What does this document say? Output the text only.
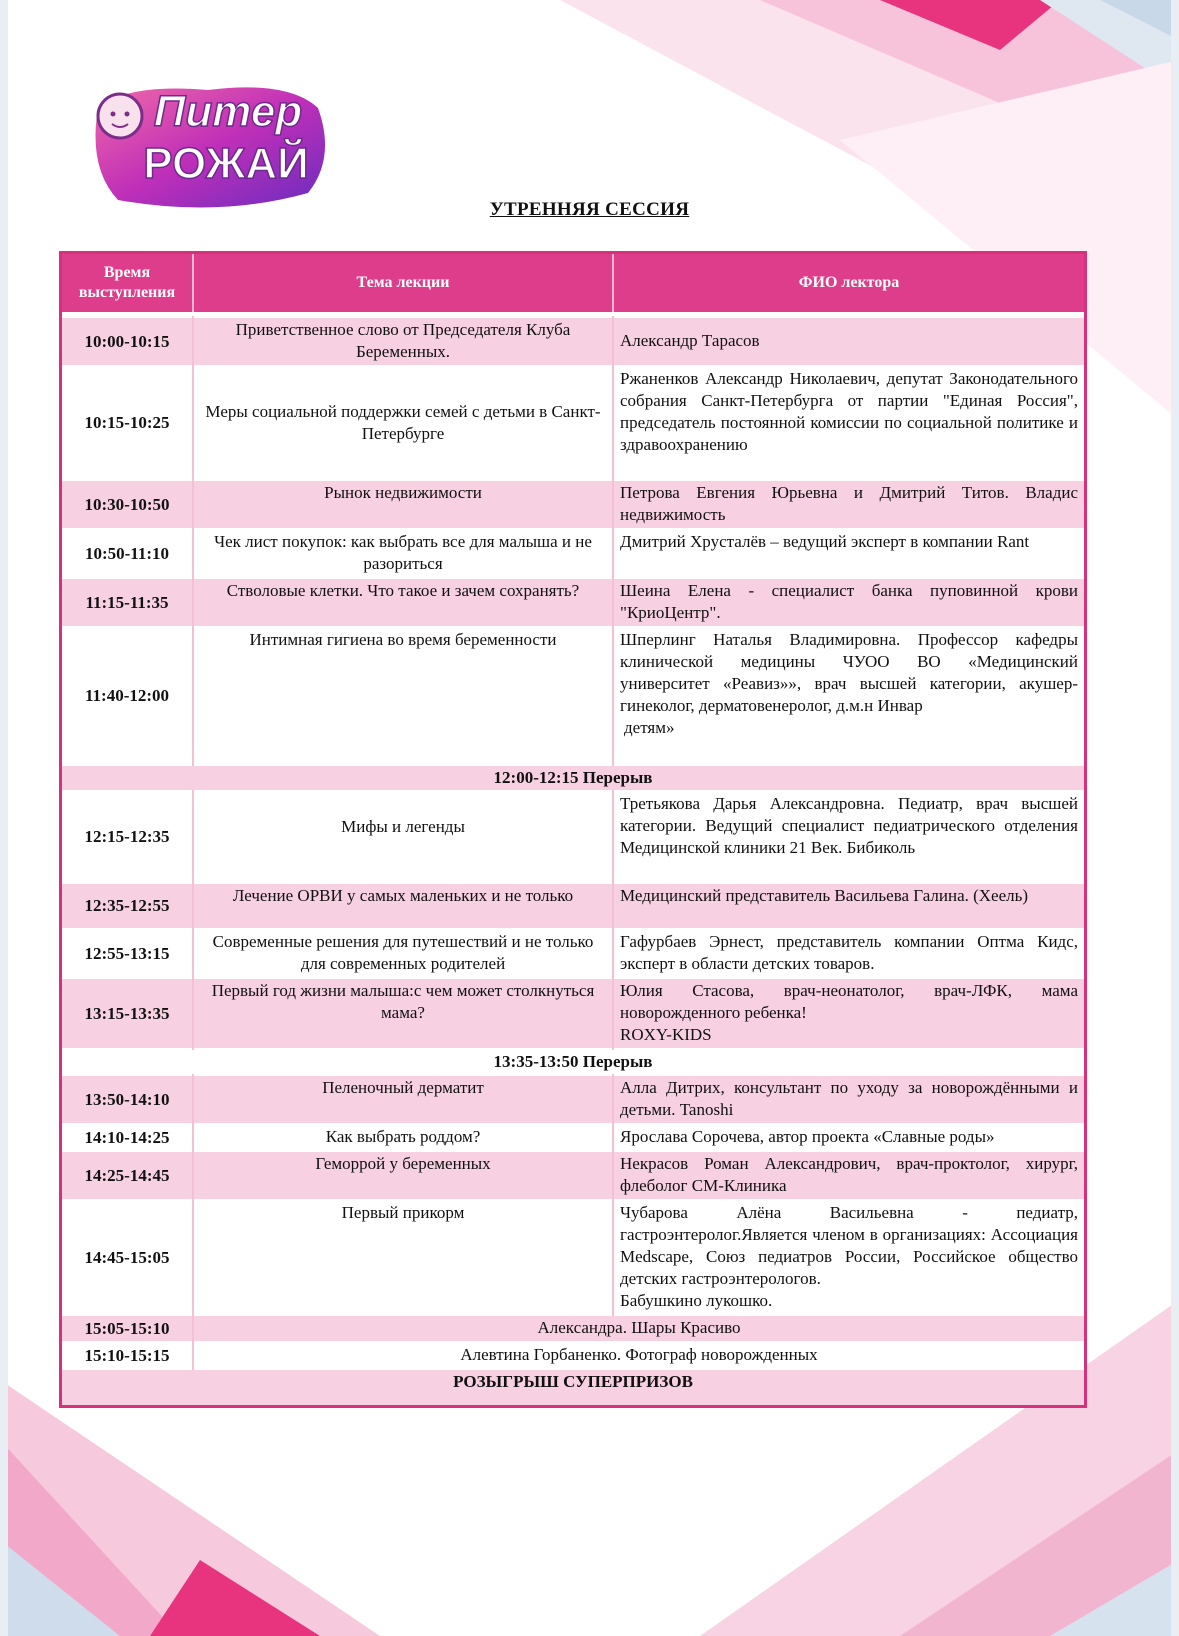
Питер
РОЖАЙ
УТРЕННЯЯ СЕССИЯ
Время выступления	Тема лекции	ФИО лектора

10:00-10:15	Приветственное слово от Председателя Клуба Беременных.	Александр Тарасов
10:15-10:25	Меры социальной поддержки семей с детьми в Санкт-Петербурге	Ржаненков Александр Николаевич, депутат Законодательного собрания Санкт-Петербурга от партии "Единая Россия", председатель постоянной комиссии по социальной политике и здравоохранению
10:30-10:50	Рынок недвижимости	Петрова Евгения Юрьевна и Дмитрий Титов. Владис недвижимость
10:50-11:10	Чек лист покупок: как выбрать все для малыша и не разориться	Дмитрий Хрусталёв – ведущий эксперт в компании Rant
11:15-11:35	Стволовые клетки. Что такое и зачем сохранять?	Шеина Елена - специалист банка пуповинной крови "КриоЦентр".
11:40-12:00	Интимная гигиена во время беременности	Шперлинг Наталья Владимировна. Профессор кафедры клинической медицины ЧУОО ВО «Медицинский университет «Реавиз»», врач высшей категории, акушер-гинеколог, дерматовенеролог, д.м.н Инвар
детям»

12:00-12:15 Перерыв		
12:15-12:35	Мифы и легенды	Третьякова Дарья Александровна. Педиатр, врач высшей категории. Ведущий специалист педиатрического отделения Медицинской клиники 21 Век. Бибиколь
12:35-12:55	Лечение ОРВИ у самых маленьких и не только	Медицинский представитель Васильева Галина. (Хеель)
12:55-13:15	Современные решения для путешествий и не только для современных родителей	Гафурбаев Эрнест, представитель компании Оптма Кидс, эксперт в области детских товаров.
13:15-13:35	Первый год жизни малыша:с чем может столкнуться мама?	Юлия Стасова, врач-неонатолог, врач-ЛФК, мама новорожденного ребенка!
ROXY-KIDS

13:35-13:50 Перерыв		
13:50-14:10	Пеленочный дерматит	Алла Дитрих, консультант по уходу за новорождёнными и детьми. Tanoshi
14:10-14:25	Как выбрать роддом?	Ярослава Сорочева, автор проекта «Славные роды»
14:25-14:45	Геморрой у беременных	Некрасов Роман Александрович, врач-проктолог, хирург, флеболог СМ-Клиника
14:45-15:05	Первый прикорм	Чубарова Алёна Васильевна - педиатр, гастроэнтеролог.Является членом в организациях: Ассоциация Medscape, Союз педиатров России, Российское общество детских гастроэнтерологов.
Бабушкино лукошко.

15:05-15:10	Александра. Шары Красиво	
15:10-15:15	Алевтина Горбаненко. Фотограф новорожденных	
РОЗЫГРЫШ СУПЕРПРИЗОВ		
